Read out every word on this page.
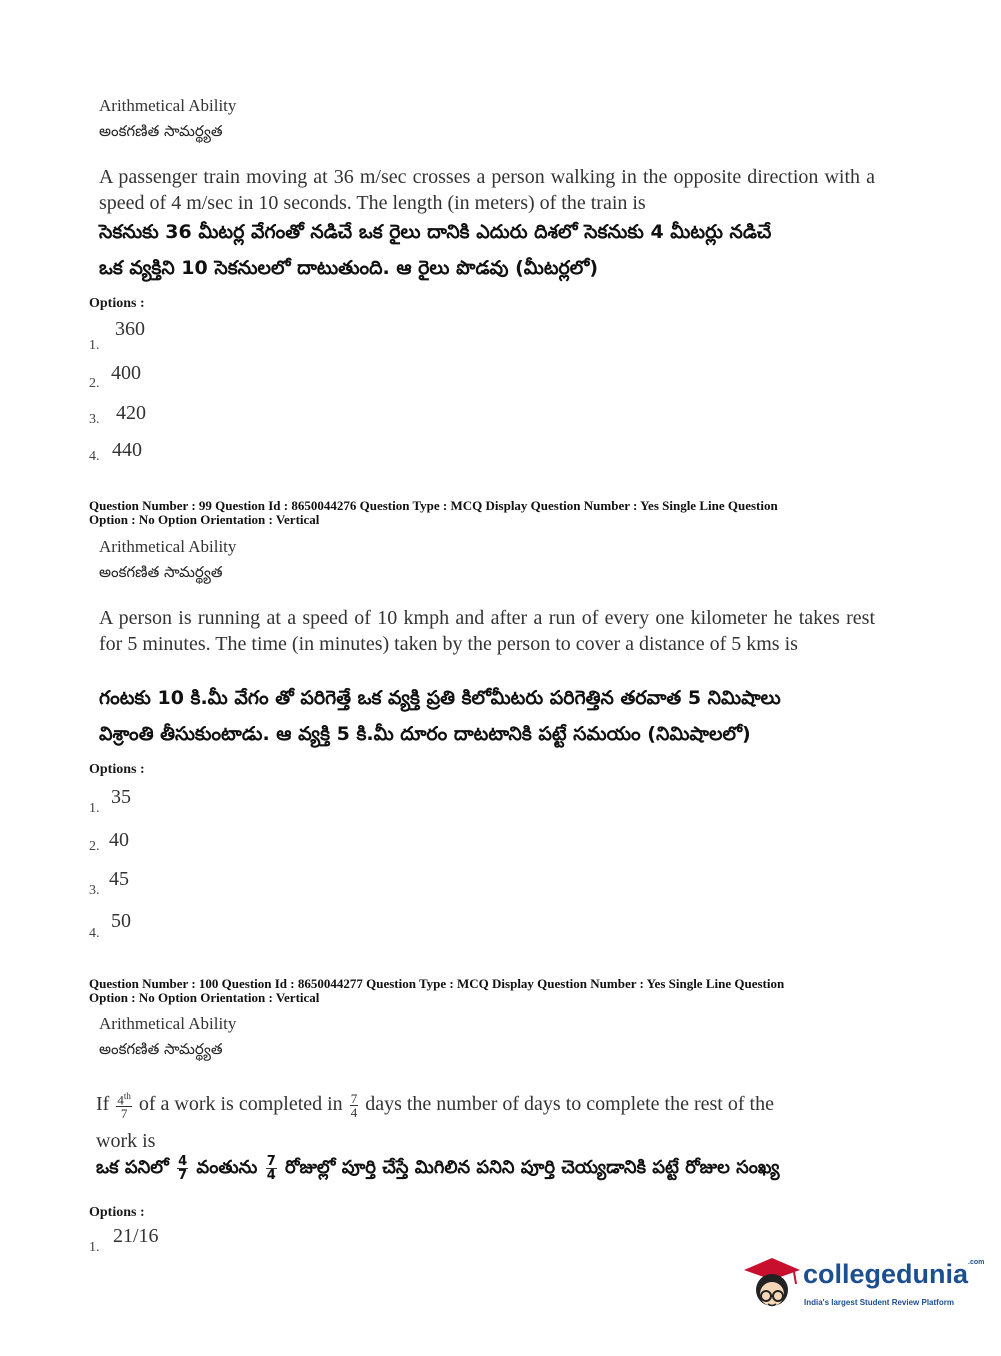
Arithmetical Ability
అంకగణిత సామర్థ్యత
A passenger train moving at 36 m/sec crosses a person walking in the opposite direction with a speed of 4 m/sec in 10 seconds. The length (in meters) of the train is
సెకనుకు 36 మీటర్ల వేగంతో నడిచే ఒక రైలు దానికి ఎదురు దిశలో సెకనుకు 4 మీటర్లు నడిచే
ఒక వ్యక్తిని 10 సెకనులలో దాటుతుంది. ఆ రైలు పొడవు (మీటర్లలో)
Options :
1.
360
2. 400
3. 420
4. 440
Question Number : 99 Question Id : 8650044276 Question Type : MCQ Display Question Number : Yes Single Line Question
Option : No Option Orientation : Vertical
Arithmetical Ability
అంకగణిత సామర్థ్యత
A person is running at a speed of 10 kmph and after a run of every one kilometer he takes rest for 5 minutes. The time (in minutes) taken by the person to cover a distance of 5 kms is
గంటకు 10 కి.మీ వేగం తో పరిగెత్తే ఒక వ్యక్తి ప్రతి కిలోమీటరు పరిగెత్తిన తరవాత 5 నిమిషాలు
విశ్రాంతి తీసుకుంటాడు. ఆ వ్యక్తి 5 కి.మీ దూరం దాటటానికి పట్టే సమయం (నిమిషాలలో)
Options :
1.
35
2. 40
3.
45
4.
50
Question Number : 100 Question Id : 8650044277 Question Type : MCQ Display Question Number : Yes Single Line Question
Option : No Option Orientation : Vertical
Arithmetical Ability
అంకగణిత సామర్థ్యత
If $\frac{4^{th}}{7}$ of a work is completed in $\frac{7}{4}$ days the number of days to complete the rest of the
work is
ఒక పనిలో $\frac{4}{7}$ వంతును $\frac{7}{4}$ రోజుల్లో పూర్తి చేస్తే మిగిలిన పనిని పూర్తి చెయ్యడానికి పట్టే రోజుల సంఖ్య
Options :
1.
21/16
collegedunia$^{.com}$
India's largest Student Review Platform
